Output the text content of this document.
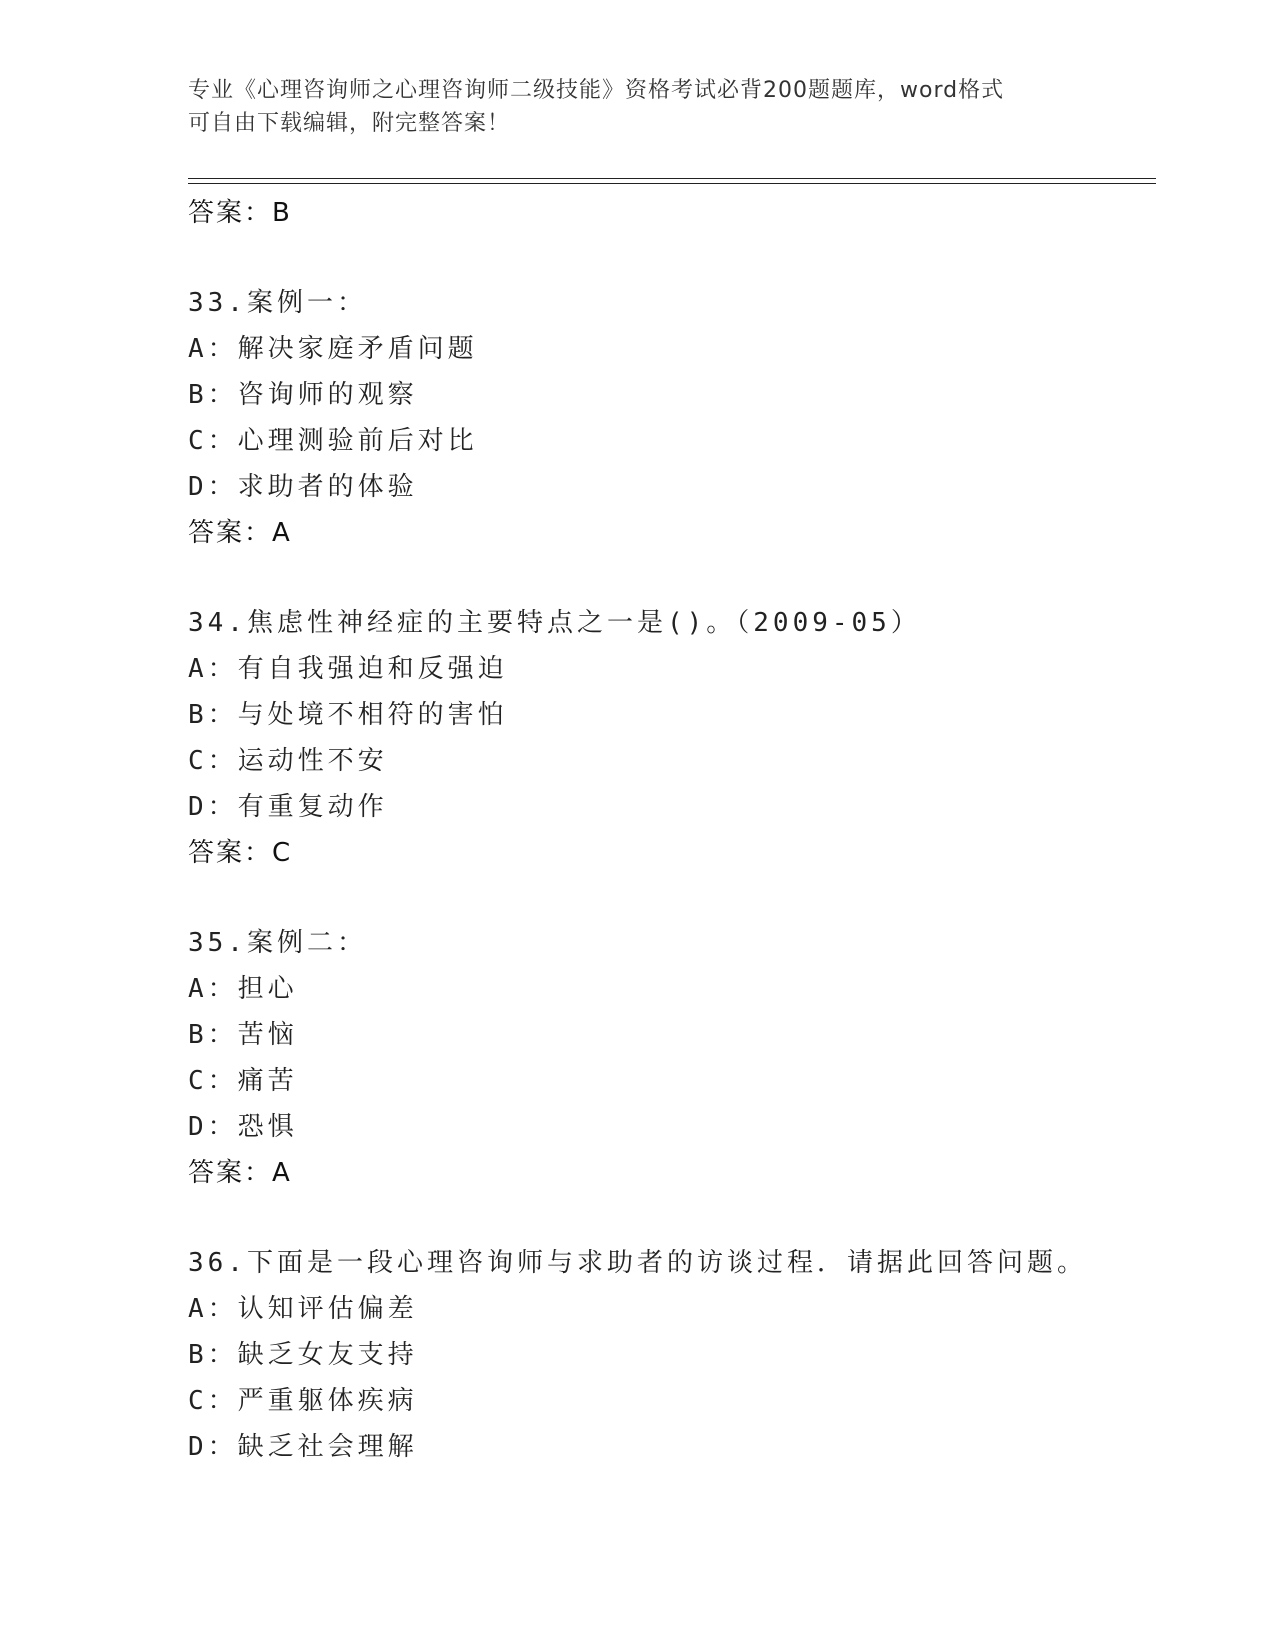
专业《心理咨询师之心理咨询师二级技能》资格考试必背200题题库，word格式
可自由下载编辑，附完整答案！
答案：B
33.案例一：
A：解决家庭矛盾问题
B：咨询师的观察
C：心理测验前后对比
D：求助者的体验
答案：A
34.焦虑性神经症的主要特点之一是()。（2009-05）
A：有自我强迫和反强迫
B：与处境不相符的害怕
C：运动性不安
D：有重复动作
答案：C
35.案例二：
A：担心
B：苦恼
C：痛苦
D：恐惧
答案：A
36.下面是一段心理咨询师与求助者的访谈过程．请据此回答问题。
A：认知评估偏差
B：缺乏女友支持
C：严重躯体疾病
D：缺乏社会理解
